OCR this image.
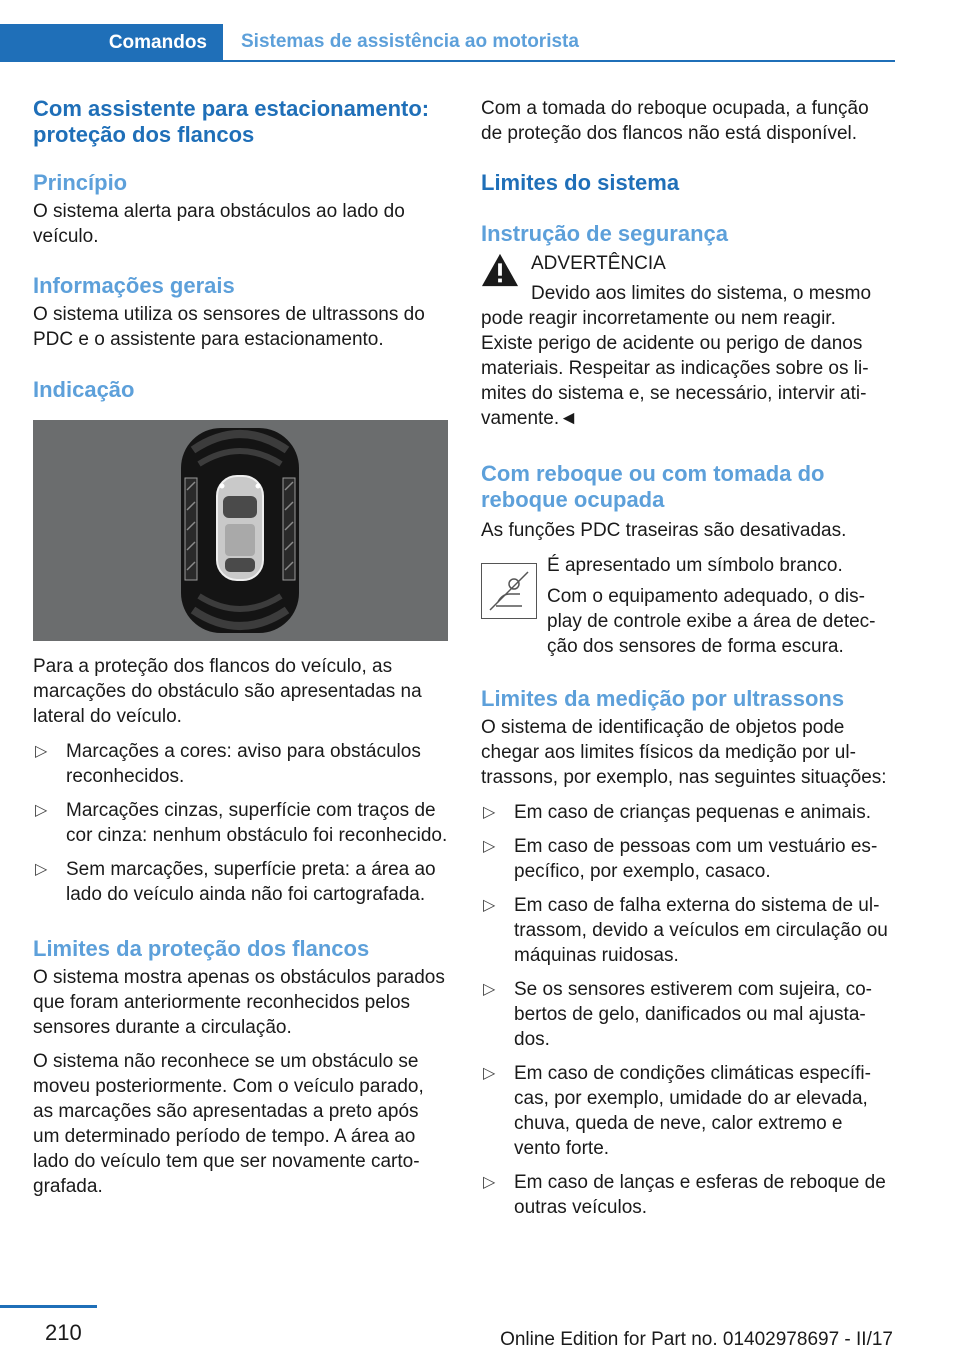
Comandos	Sistemas de assistência ao motorista
Com assistente para estacionamento: proteção dos flancos
Princípio

O sistema alerta para obstáculos ao lado do veículo.

Informações gerais

O sistema utiliza os sensores de ultrassons do PDC e o assistente para estacionamento.

Indicação

Para a proteção dos flancos do veículo, as marcações do obstáculo são apresentadas na lateral do veículo.

▷ Marcações a cores: aviso para obstáculos reconhecidos.
▷ Marcações cinzas, superfície com traços de cor cinza: nenhum obstáculo foi reconhecido.
▷ Sem marcações, superfície preta: a área ao lado do veículo ainda não foi cartografada.
Limites da proteção dos flancos

O sistema mostra apenas os obstáculos parados que foram anteriormente reconhecidos pelos sensores durante a circulação.

O sistema não reconhece se um obstáculo se moveu posteriormente. Com o veículo parado, as marcações são apresentadas a preto após um determinado período de tempo. A área ao lado do veículo tem que ser novamente cartografada.

Com a tomada do reboque ocupada, a função de proteção dos flancos não está disponível.

Limites do sistema
Instrução de segurança
ADVERTÊNCIA

Devido aos limites do sistema, o mesmo pode reagir incorretamente ou nem reagir. Existe perigo de acidente ou perigo de danos materiais. Respeitar as indicações sobre os limites do sistema e, se necessário, intervir ativamente.◄

Com reboque ou com tomada do reboque ocupada

As funções PDC traseiras são desativadas.

É apresentado um símbolo branco.

Com o equipamento adequado, o display de controle exibe a área de detecção dos sensores de forma escura.

Limites da medição por ultrassons

O sistema de identificação de objetos pode chegar aos limites físicos da medição por ultrassons, por exemplo, nas seguintes situações:

▷ Em caso de crianças pequenas e animais.
▷ Em caso de pessoas com um vestuário específico, por exemplo, casaco.
▷ Em caso de falha externa do sistema de ultrassom, devido a veículos em circulação ou máquinas ruidosas.
▷ Se os sensores estiverem com sujeira, cobertos de gelo, danificados ou mal ajustados.
▷ Em caso de condições climáticas específicas, por exemplo, umidade do ar elevada, chuva, queda de neve, calor extremo e vento forte.
▷ Em caso de lanças e esferas de reboque de outras veículos.
210	Online Edition for Part no. 01402978697 - II/17
